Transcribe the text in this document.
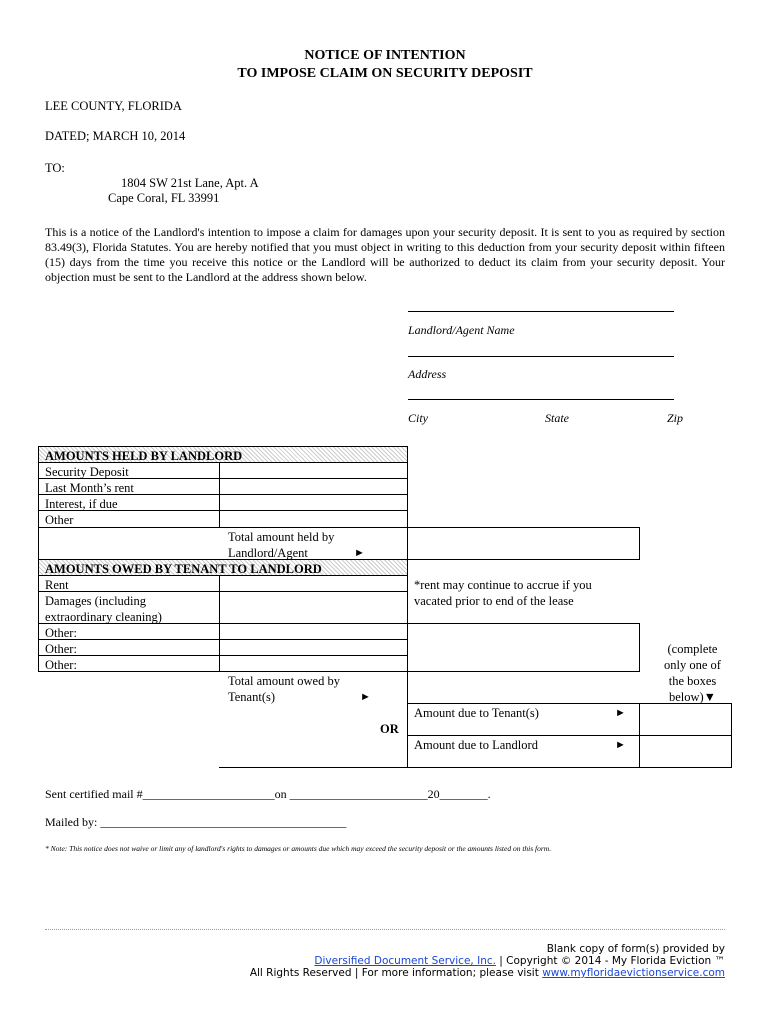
NOTICE OF INTENTION
TO IMPOSE CLAIM ON SECURITY DEPOSIT
LEE COUNTY, FLORIDA
DATED; MARCH 10, 2014
TO:
1804 SW 21st Lane, Apt. A
Cape Coral, FL 33991
This is a notice of the Landlord's intention to impose a claim for damages upon your security deposit. It is sent to you as required by section 83.49(3), Florida Statutes. You are hereby notified that you must object in writing to this deduction from your security deposit within fifteen (15) days from the time you receive this notice or the Landlord will be authorized to deduct its claim from your security deposit. Your objection must be sent to the Landlord at the address shown below.
Landlord/Agent Name
Address
City	State	Zip
AMOUNTS HELD BY LANDLORD
Security Deposit
Last Month’s rent
Interest, if due
Other
Total amount held by
Landlord/Agent	►
AMOUNTS OWED BY TENANT TO LANDLORD
Rent
Damages (including
extraordinary cleaning)
Other:
Other:
Other:
*rent may continue to accrue if you
vacated prior to end of the lease
Total amount owed by
Tenant(s)	►
(complete
only one of
the boxes
below)▼
Amount due to Tenant(s)	►
OR
Amount due to Landlord	►
Sent certified mail #______________________on _______________________20________.
Mailed by: _________________________________________
* Note: This notice does not waive or limit any of landlord's rights to damages or amounts due which may exceed the security deposit or the amounts listed on this form.
Blank copy of form(s) provided by
Diversified Document Service, Inc. | Copyright © 2014 - My Florida Eviction ™
All Rights Reserved | For more information; please visit www.myfloridaevictionservice.com
